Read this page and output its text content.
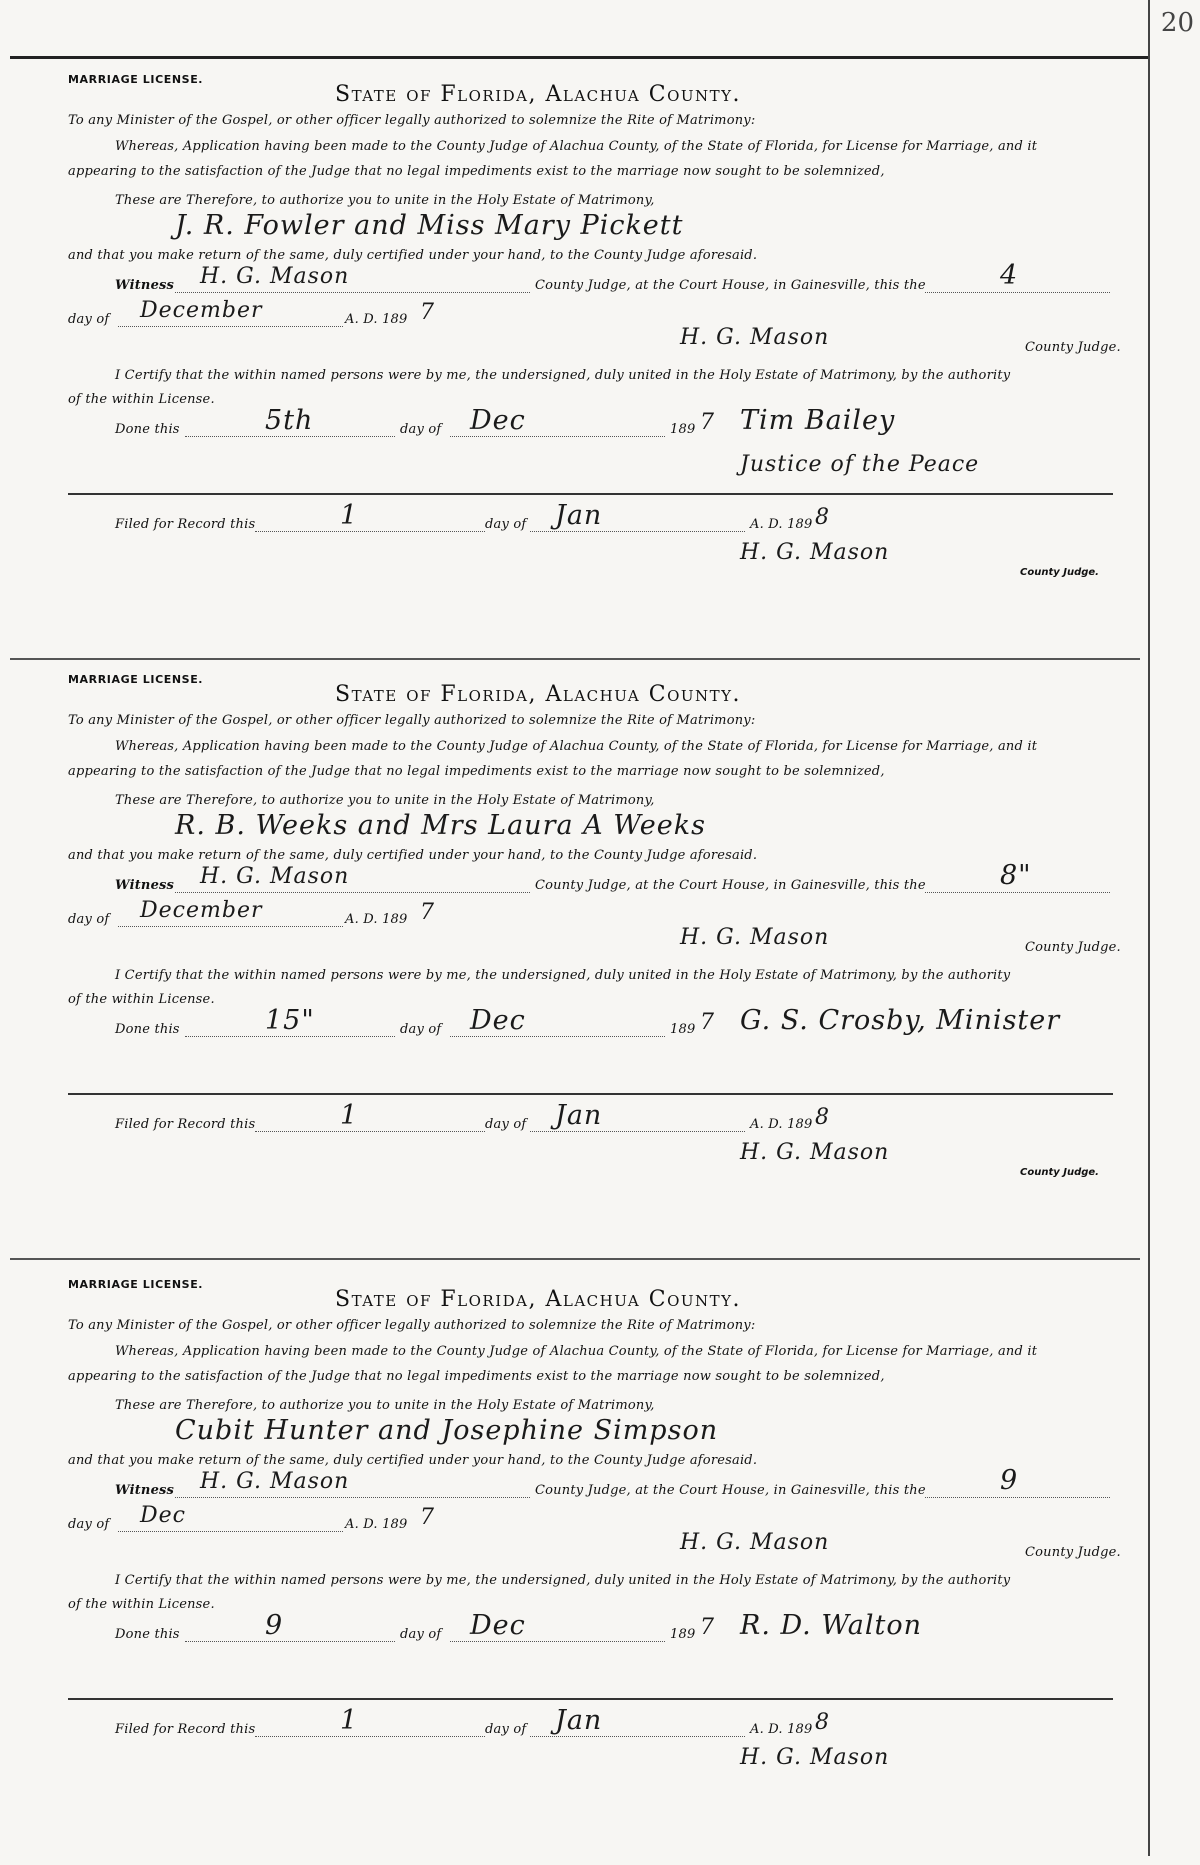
20
MARRIAGE LICENSE.
State of Florida, Alachua County.
To any Minister of the Gospel, or other officer legally authorized to solemnize the Rite of Matrimony:
Whereas, Application having been made to the County Judge of Alachua County, of the State of Florida, for License for Marriage, and it
appearing to the satisfaction of the Judge that no legal impediments exist to the marriage now sought to be solemnized,
These are Therefore, to authorize you to unite in the Holy Estate of Matrimony,
J. R. Fowler and Miss Mary Pickett
and that you make return of the same, duly certified under your hand, to the County Judge aforesaid.
Witness H. G. Mason	County Judge, at the Court House, in Gainesville, this the	4
day of December	A. D. 189 7
H. G. Mason	County Judge.
I Certify that the within named persons were by me, the undersigned, duly united in the Holy Estate of Matrimony, by the authority
of the within License.
Done this	5th	day of Dec	189 7 Tim Bailey
Justice of the Peace
Filed for Record this	1	day of Jan	A. D. 189 8
H. G. Mason
County Judge.
MARRIAGE LICENSE.
State of Florida, Alachua County.
To any Minister of the Gospel, or other officer legally authorized to solemnize the Rite of Matrimony:
Whereas, Application having been made to the County Judge of Alachua County, of the State of Florida, for License for Marriage, and it
appearing to the satisfaction of the Judge that no legal impediments exist to the marriage now sought to be solemnized,
These are Therefore, to authorize you to unite in the Holy Estate of Matrimony,
R. B. Weeks and Mrs Laura A Weeks
and that you make return of the same, duly certified under your hand, to the County Judge aforesaid.
Witness H. G. Mason	County Judge, at the Court House, in Gainesville, this the	8"
day of December	A. D. 189 7
H. G. Mason	County Judge.
I Certify that the within named persons were by me, the undersigned, duly united in the Holy Estate of Matrimony, by the authority
of the within License.
Done this	15"	day of Dec	189 7 G. S. Crosby, Minister
Filed for Record this	1	day of Jan	A. D. 189 8
H. G. Mason
County Judge.
MARRIAGE LICENSE.
State of Florida, Alachua County.
To any Minister of the Gospel, or other officer legally authorized to solemnize the Rite of Matrimony:
Whereas, Application having been made to the County Judge of Alachua County, of the State of Florida, for License for Marriage, and it
appearing to the satisfaction of the Judge that no legal impediments exist to the marriage now sought to be solemnized,
These are Therefore, to authorize you to unite in the Holy Estate of Matrimony,
Cubit Hunter and Josephine Simpson
and that you make return of the same, duly certified under your hand, to the County Judge aforesaid.
Witness H. G. Mason	County Judge, at the Court House, in Gainesville, this the	9
day of Dec	A. D. 189 7
H. G. Mason	County Judge.
I Certify that the within named persons were by me, the undersigned, duly united in the Holy Estate of Matrimony, by the authority
of the within License.
Done this	9	day of Dec	189 7 R. D. Walton
Filed for Record this	1	day of Jan	A. D. 189 8
H. G. Mason
